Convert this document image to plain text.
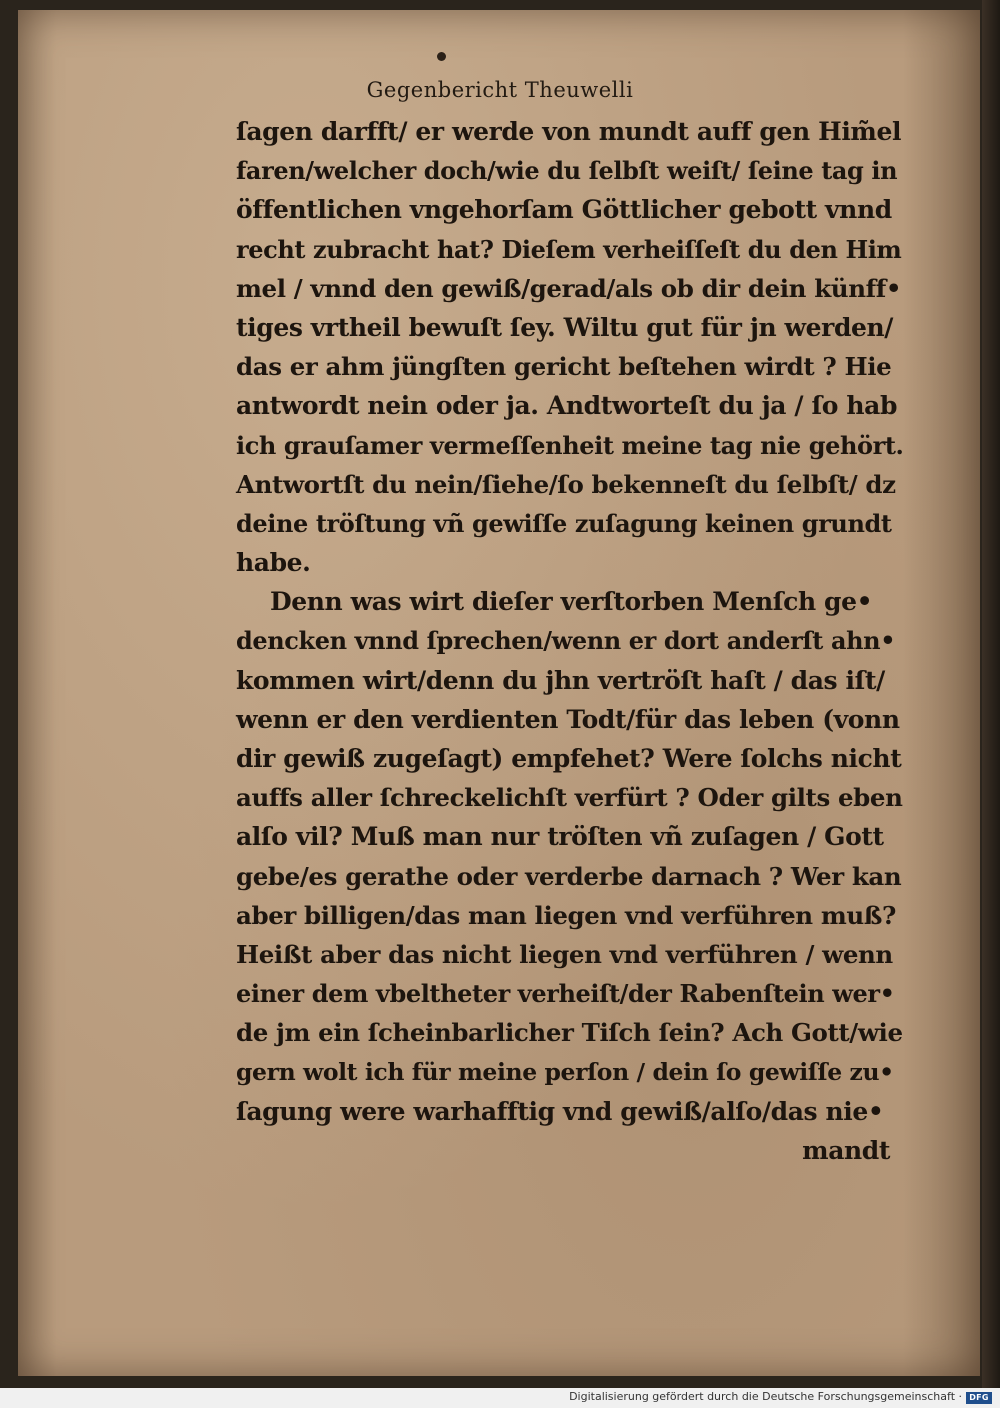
Gegenbericht Theuwelli
ſagen darfft/ er werde von mundt auff gen Him̃el
faren/welcher doch/wie du ſelbſt weiſt/ ſeine tag in
öffentlichen vngehorſam Göttlicher gebott vnnd
recht zubracht hat? Dieſem verheiſſeſt du den Him
mel / vnnd den gewiß/gerad/als ob dir dein künff•
tiges vrtheil bewuſt ſey. Wiltu gut für jn werden/
das er ahm jüngſten gericht beſtehen wirdt ? Hie
antwordt nein oder ja. Andtworteſt du ja / ſo hab
ich grauſamer vermeſſenheit meine tag nie gehört.
Antwortſt du nein/ſiehe/ſo bekenneſt du ſelbſt/ dz
deine tröſtung vñ gewiſſe zuſagung keinen grundt
habe.
Denn was wirt dieſer verſtorben Menſch ge•
dencken vnnd ſprechen/wenn er dort anderſt ahn•
kommen wirt/denn du jhn vertröſt haſt / das iſt/
wenn er den verdienten Todt/für das leben (vonn
dir gewiß zugeſagt) empfehet? Were ſolchs nicht
auffs aller ſchreckelichſt verfürt ? Oder gilts eben
alſo vil? Muß man nur tröſten vñ zuſagen / Gott
gebe/es gerathe oder verderbe darnach ? Wer kan
aber billigen/das man liegen vnd verführen muß?
Heißt aber das nicht liegen vnd verführen / wenn
einer dem vbeltheter verheiſt/der Rabenſtein wer•
de jm ein ſcheinbarlicher Tiſch ſein? Ach Gott/wie
gern wolt ich für meine perſon / dein ſo gewiſſe zu•
ſagung were warhafftig vnd gewiß/alſo/das nie•
mandt
Digitalisierung gefördert durch die Deutsche Forschungsgemeinschaft · DFG
